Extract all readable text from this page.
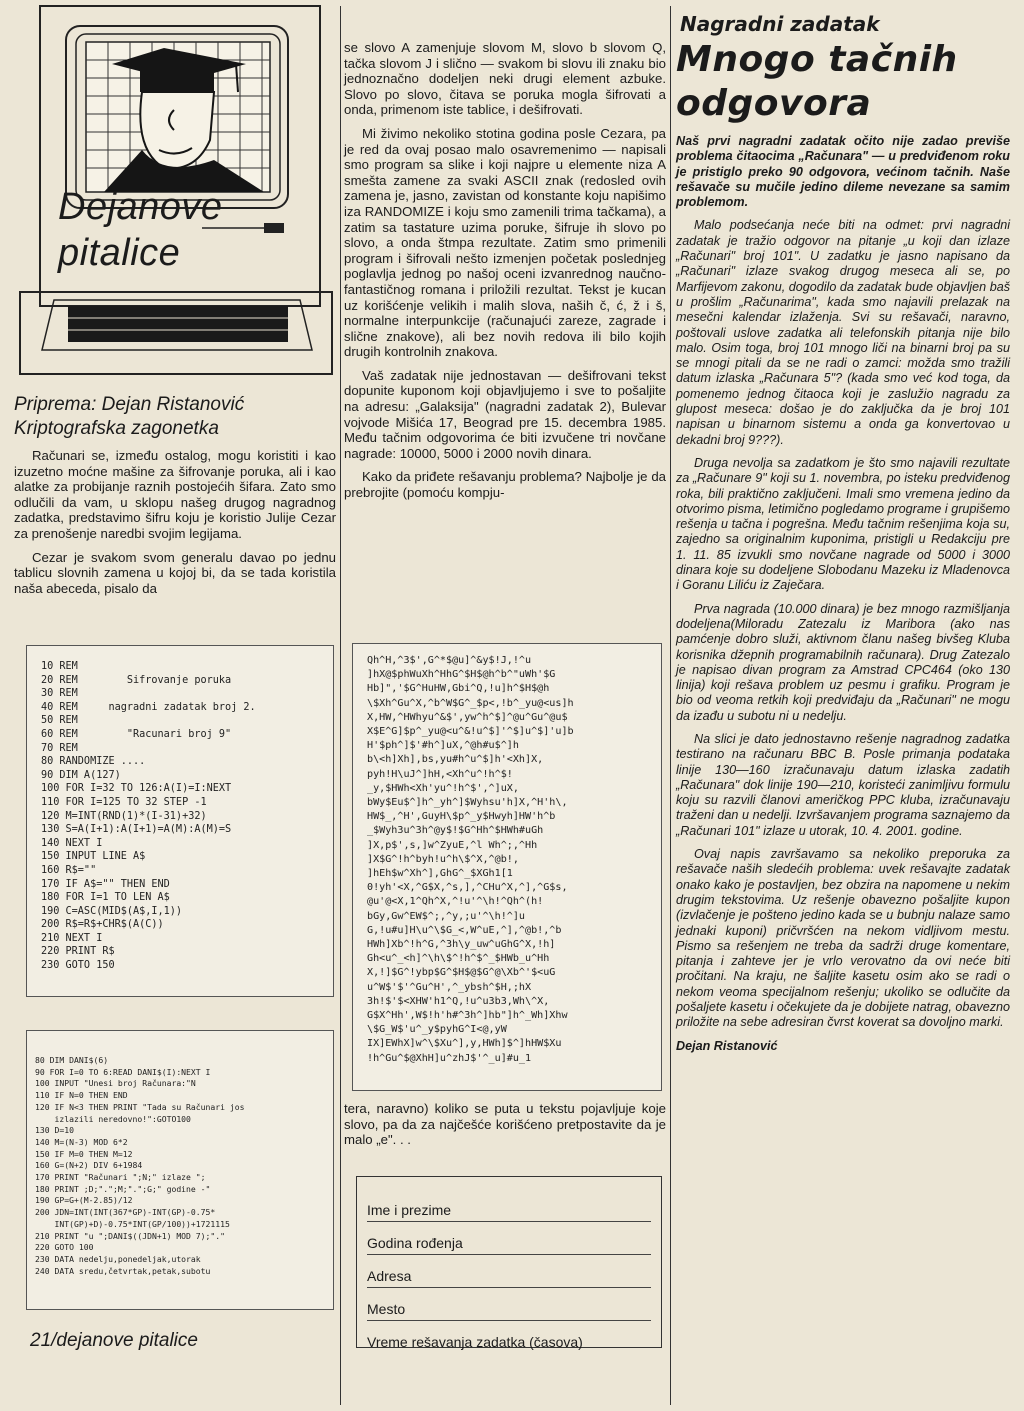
Dejanove
pitalice
Priprema: Dejan Ristanović
Kriptografska zagonetka

Računari se, između ostalog, mogu koristiti i kao izuzetno moćne mašine za šifrovanje poruka, ali i kao alatke za probijanje raznih postojećih šifara. Zato smo odlučili da vam, u sklopu našeg drugog nagradnog zadatka, predstavimo šifru koju je koristio Julije Cezar za prenošenje naredbi svojim legijama.

Cezar je svakom svom generalu davao po jednu tablicu slovnih zamena u kojoj bi, da se tada koristila naša abeceda, pisalo da

10 REM
20 REM        Sifrovanje poruka
30 REM
40 REM     nagradni zadatak broj 2.
50 REM
60 REM        "Racunari broj 9"
70 REM
80 RANDOMIZE ....
90 DIM A(127)
100 FOR I=32 TO 126:A(I)=I:NEXT
110 FOR I=125 TO 32 STEP -1
120 M=INT(RND(1)*(I-31)+32)
130 S=A(I+1):A(I+1)=A(M):A(M)=S
140 NEXT I
150 INPUT LINE A$
160 R$=""
170 IF A$="" THEN END
180 FOR I=1 TO LEN A$
190 C=ASC(MID$(A$,I,1))
200 R$=R$+CHR$(A(C))
210 NEXT I
220 PRINT R$
230 GOTO 150
80 DIM DANI$(6)
90 FOR I=0 TO 6:READ DANI$(I):NEXT I
100 INPUT "Unesi broj Računara:"N
110 IF N=0 THEN END
120 IF N<3 THEN PRINT "Tada su Računari jos
izlazili neredovno!":GOTO100
130 D=10
140 M=(N-3) MOD 6*2
150 IF M=0 THEN M=12
160 G=(N+2) DIV 6+1984
170 PRINT "Računari ";N;" izlaze ";
180 PRINT ;D;".";M;".";G;" godine -"
190 GP=G+(M-2.85)/12
200 JDN=INT(INT(367*GP)-INT(GP)-0.75*
INT(GP)+D)-0.75*INT(GP/100))+1721115
210 PRINT "u ";DANI$((JDN+1) MOD 7);"."
220 GOTO 100
230 DATA nedelju,ponedeljak,utorak
240 DATA sredu,četvrtak,petak,subotu
21/dejanove pitalice

se slovo A zamenjuje slovom M, slovo b slovom Q, tačka slovom J i slično — svakom bi slovu ili znaku bio jednoznačno dodeljen neki drugi element azbuke. Slovo po slovo, čitava se poruka mogla šifrovati a onda, primenom iste tablice, i dešifrovati.

Mi živimo nekoliko stotina godina posle Cezara, pa je red da ovaj posao malo osavremenimo — napisali smo program sa slike i koji najpre u elemente niza A smešta zamene za svaki ASCII znak (redosled ovih zamena je, jasno, zavistan od konstante koju napišimo iza RANDOMIZE i koju smo zamenili trima tačkama), a zatim sa tastature uzima poruke, šifruje ih slovo po slovo, a onda štmpa rezultate. Zatim smo primenili program i šifrovali nešto izmenjen početak poslednjeg poglavlja jednog po našoj oceni izvanrednog naučno-fantastičnog romana i priložili rezultat. Tekst je kucan uz korišćenje velikih i malih slova, naših č, ć, ž i š, normalne interpunkcije (računajući zareze, zagrade i slične znakove), ali bez novih redova ili bilo kojih drugih kontrolnih znakova.

Vaš zadatak nije jednostavan — dešifrovani tekst dopunite kuponom koji objavljujemo i sve to pošaljite na adresu: „Galaksija" (nagradni zadatak 2), Bulevar vojvode Mišića 17, Beograd pre 15. decembra 1985. Među tačnim odgovorima će biti izvučene tri novčane nagrade: 10000, 5000 i 2000 novih dinara.

Kako da priđete rešavanju problema? Najbolje je da prebrojite (pomoću kompju-

Qh^H,^3$',G^*$@u]^&y$!J,!^u
]hX@$phWuXh^HhG^$H$@h^b^"uWh'$G
Hb]",'$G^HuHW,Gbi^Q,!u]h^$H$@h
\$Xh^Gu^X,^b^W$G^_$p<,!b^_yu@<us]h
X,HW,^HWhyu^&$',yw^h^$]^@u^Gu^@u$
X$E^G]$p^_yu@<u^&!u^$]'^$]u^$]'u]b
H'$ph^]$'#h^]uX,^@h#u$^]h
b\<h]Xh],bs,yu#h^u^$]h'<Xh]X,
pyh!H\uJ^]hH,<Xh^u^!h^$!
_y,$HWh<Xh'yu^!h^$',^]uX,
bWy$Eu$^]h^_yh^]$Wyhsu'h]X,^H'h\,
HW$_,^H',GuyH\$p^_y$Hwyh]HW'h^b
_$Wyh3u^3h^@y$!$G^Hh^$HWh#uGh
]X,p$',s,]w^ZyuE,^l Wh^;,^Hh
]X$G^!h^byh!u^h\$^X,^@b!,
]hEh$w^Xh^],GhG^_$XGh1[1
0!yh'<X,^G$X,^s,],^CHu^X,^],^G$s,
@u'@<X,1^Qh^X,^!u'^\h!^Qh^(h!
bGy,Gw^EW$^;,^y,;u'^\h!^]u
G,!u#u]H\u^\$G_<,W^uE,^],^@b!,^b
HWh]Xb^!h^G,^3h\y_uw^uGhG^X,!h]
Gh<u^_<h]^\h\$^!h^$^_$HWb_u^Hh
X,!]$G^!ybp$G^$H$@$G^@\Xb^'$<uG
u^W$'$'^Gu^H',^_ybsh^$H,;hX
3h!$'$<XHW'h1^Q,!u^u3b3,Wh\^X,
G$X^Hh',W$!h'h#^3h^]hb"]h^_Wh]Xhw
\$G_W$'u^_y$pyhG^I<@,yW
IX]EWhX]w^\$Xu^],y,HWh]$^]hHW$Xu
!h^Gu^$@XhH]u^zhJ$'^_u]#u_1
tera, naravno) koliko se puta u tekstu pojavljuje koje slovo, pa da za najčešće korišćeno pretpostavite da je malo „e". . .
Ime i prezime
Godina rođenja
Adresa
Mesto
Vreme rešavanja zadatka (časova)
Nagradni zadatak
Mnogo tačnih
odgovora

Naš prvi nagradni zadatak očito nije zadao previše problema čitaocima „Računara" — u predviđenom roku je pristiglo preko 90 odgovora, većinom tačnih. Naše rešavače su mučile jedino dileme nevezane sa samim problemom.

Malo podsećanja neće biti na odmet: prvi nagradni zadatak je tražio odgovor na pitanje „u koji dan izlaze „Računari" broj 101". U zadatku je jasno napisano da „Računari" izlaze svakog drugog meseca ali se, po Marfijevom zakonu, dogodilo da zadatak bude objavljen baš u prošlim „Računarima", kada smo najavili prelazak na mesečni kalendar izlaženja. Svi su rešavači, naravno, poštovali uslove zadatka ali telefonskih pitanja nije bilo malo. Osim toga, broj 101 mnogo liči na binarni broj pa su se mnogi pitali da se ne radi o zamci: možda smo tražili datum izlaska „Računara 5"? (kada smo već kod toga, da pomenemo jednog čitaoca koji je zaslužio nagradu za glupost meseca: došao je do zaključka da je broj 101 napisan u binarnom sistemu a onda ga konvertovao u dekadni broj 9???).

Druga nevolja sa zadatkom je što smo najavili rezultate za „Računare 9" koji su 1. novembra, po isteku predviđenog roka, bili praktično zaključeni. Imali smo vremena jedino da otvorimo pisma, letimično pogledamo programe i grupišemo rešenja u tačna i pogrešna. Među tačnim rešenjima koja su, zajedno sa originalnim kuponima, pristigli u Redakciju pre 1. 11. 85 izvukli smo novčane nagrade od 5000 i 3000 dinara koje su dodeljene Slobodanu Mazeku iz Mladenovca i Goranu Liliću iz Zaječara.

Prva nagrada (10.000 dinara) je bez mnogo razmišljanja dodeljena(Miloradu Zatezalu iz Maribora (ako nas pamćenje dobro služi, aktivnom članu našeg bivšeg Kluba korisnika džepnih programabilnih računara). Drug Zatezalo je napisao divan program za Amstrad CPC464 (oko 130 linija) koji rešava problem uz pesmu i grafiku. Program je bio od veoma retkih koji predviđaju da „Računari" ne mogu da izađu u subotu ni u nedelju.

Na slici je dato jednostavno rešenje nagradnog zadatka testirano na računaru BBC B. Posle primanja podataka linije 130—160 izračunavaju datum izlaska zadatih „Računara" dok linije 190—210, koristeći zanimljivu formulu koju su razvili članovi američkog PPC kluba, izračunavaju traženi dan u nedelji. Izvršavanjem programa saznajemo da „Računari 101" izlaze u utorak, 10. 4. 2001. godine.

Ovaj napis završavamo sa nekoliko preporuka za rešavače naših sledećih problema: uvek rešavajte zadatak onako kako je postavljen, bez obzira na napomene u nekim drugim tekstovima. Uz rešenje obavezno pošaljite kupon (izvlačenje je pošteno jedino kada se u bubnju nalaze samo jednaki kuponi) pričvršćen na nekom vidljivom mestu. Pismo sa rešenjem ne treba da sadrži druge komentare, pitanja i zahteve jer je vrlo verovatno da ovi neće biti pročitani. Na kraju, ne šaljite kasetu osim ako se radi o nekom veoma specijalnom rešenju; ukoliko se odlučite da pošaljete kasetu i očekujete da je dobijete natrag, obavezno priložite na sebe adresiran čvrst koverat sa dovoljno marki.

Dejan Ristanović
